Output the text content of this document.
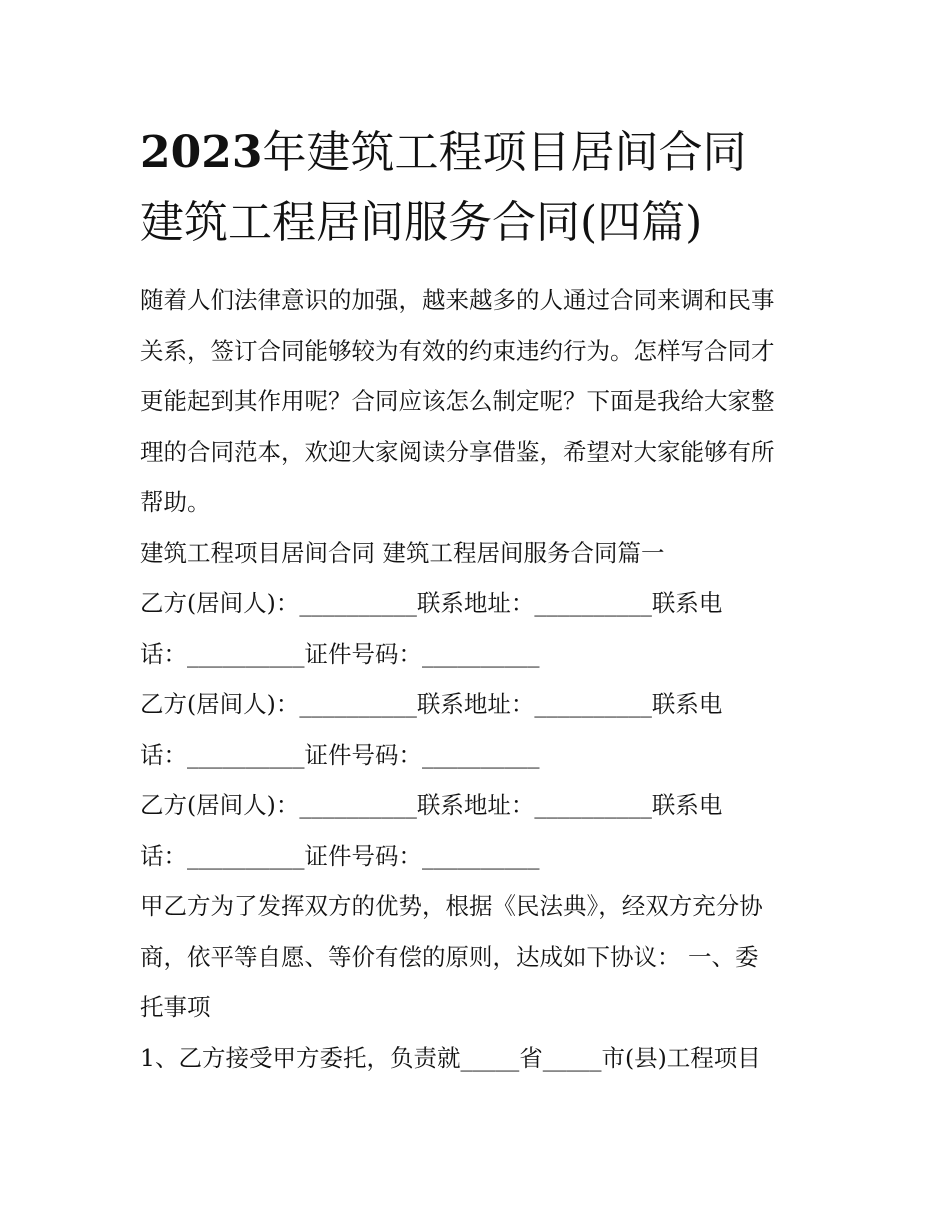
2023年建筑工程项目居间合同
建筑工程居间服务合同(四篇)

随着人们法律意识的加强，越来越多的人通过合同来调和民事
关系，签订合同能够较为有效的约束违约行为。怎样写合同才
更能起到其作用呢？合同应该怎么制定呢？下面是我给大家整
理的合同范本，欢迎大家阅读分享借鉴，希望对大家能够有所
帮助。

建筑工程项目居间合同 建筑工程居间服务合同篇一

乙方(居间人)：__________联系地址：__________联系电
话：__________证件号码：__________

乙方(居间人)：__________联系地址：__________联系电
话：__________证件号码：__________

乙方(居间人)：__________联系地址：__________联系电
话：__________证件号码：__________

甲乙方为了发挥双方的优势，根据《民法典》，经双方充分协
商，依平等自愿、等价有偿的原则，达成如下协议： 一、委
托事项

1、乙方接受甲方委托，负责就_____省_____市(县)工程项目
